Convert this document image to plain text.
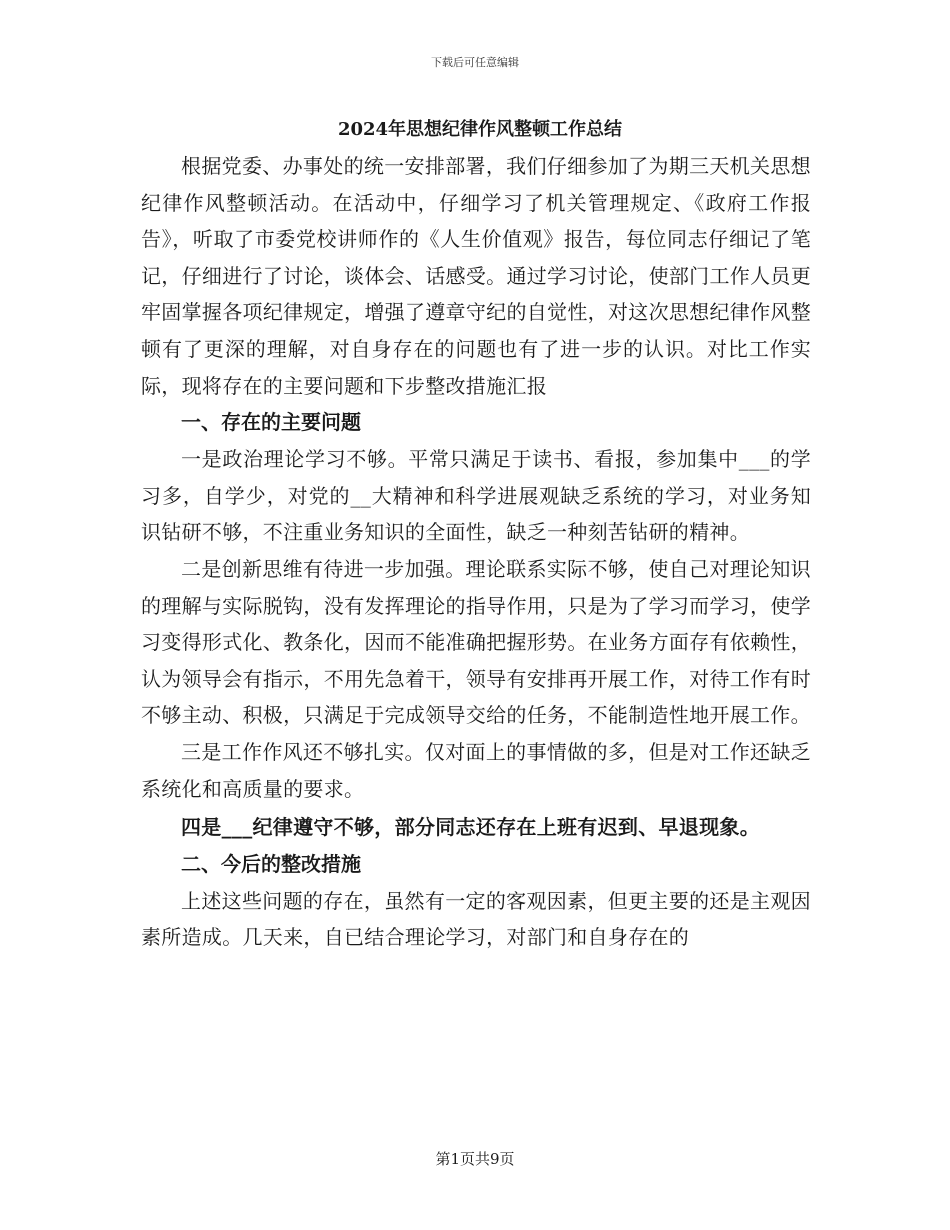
下载后可任意编辑
2024年思想纪律作风整顿工作总结

根据党委、办事处的统一安排部署，我们仔细参加了为期三天机关思想纪律作风整顿活动。在活动中，仔细学习了机关管理规定、《政府工作报告》，听取了市委党校讲师作的《人生价值观》报告，每位同志仔细记了笔记，仔细进行了讨论，谈体会、话感受。通过学习讨论，使部门工作人员更牢固掌握各项纪律规定，增强了遵章守纪的自觉性，对这次思想纪律作风整顿有了更深的理解，对自身存在的问题也有了进一步的认识。对比工作实际，现将存在的主要问题和下步整改措施汇报

一、存在的主要问题

一是政治理论学习不够。平常只满足于读书、看报，参加集中___的学习多，自学少，对党的__大精神和科学进展观缺乏系统的学习，对业务知识钻研不够，不注重业务知识的全面性，缺乏一种刻苦钻研的精神。

二是创新思维有待进一步加强。理论联系实际不够，使自己对理论知识的理解与实际脱钩，没有发挥理论的指导作用，只是为了学习而学习，使学习变得形式化、教条化，因而不能准确把握形势。在业务方面存有依赖性，认为领导会有指示，不用先急着干，领导有安排再开展工作，对待工作有时不够主动、积极，只满足于完成领导交给的任务，不能制造性地开展工作。

三是工作作风还不够扎实。仅对面上的事情做的多，但是对工作还缺乏系统化和高质量的要求。

四是___纪律遵守不够，部分同志还存在上班有迟到、早退现象。

二、今后的整改措施

上述这些问题的存在，虽然有一定的客观因素，但更主要的还是主观因素所造成。几天来，自已结合理论学习，对部门和自身存在的

第1页共9页
